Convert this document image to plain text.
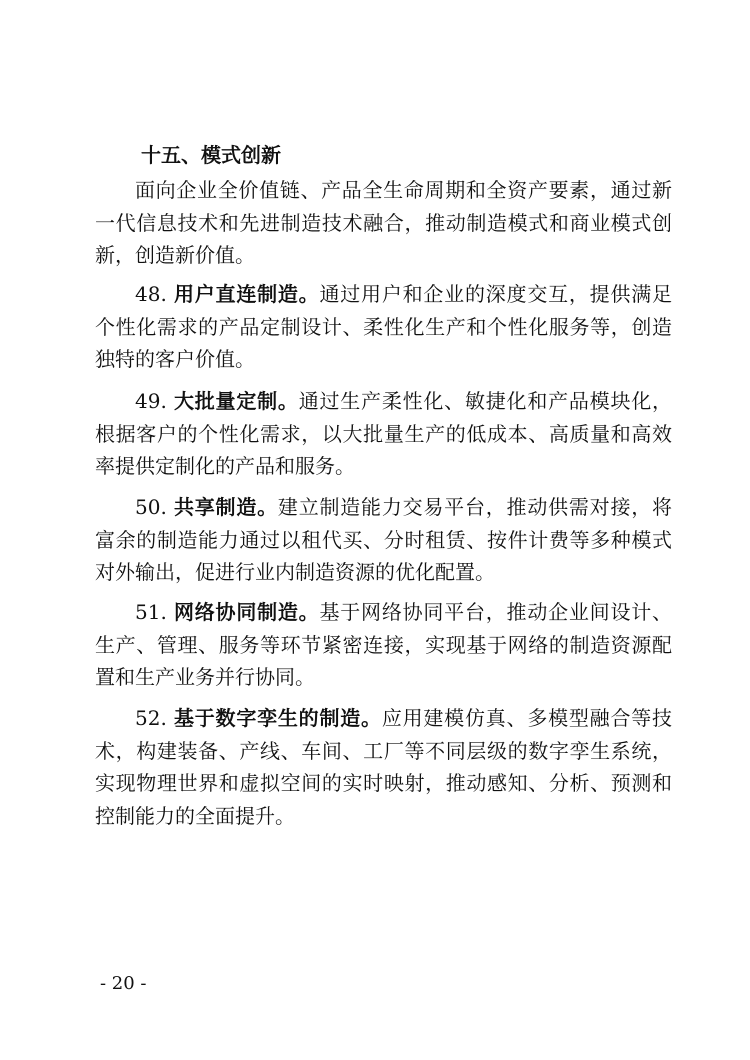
十五、模式创新

面向企业全价值链、产品全生命周期和全资产要素，通过新一代信息技术和先进制造技术融合，推动制造模式和商业模式创新，创造新价值。

48. 用户直连制造。通过用户和企业的深度交互，提供满足个性化需求的产品定制设计、柔性化生产和个性化服务等，创造独特的客户价值。

49. 大批量定制。通过生产柔性化、敏捷化和产品模块化，根据客户的个性化需求，以大批量生产的低成本、高质量和高效率提供定制化的产品和服务。

50. 共享制造。建立制造能力交易平台，推动供需对接，将富余的制造能力通过以租代买、分时租赁、按件计费等多种模式对外输出，促进行业内制造资源的优化配置。

51. 网络协同制造。基于网络协同平台，推动企业间设计、生产、管理、服务等环节紧密连接，实现基于网络的制造资源配置和生产业务并行协同。

52. 基于数字孪生的制造。应用建模仿真、多模型融合等技术，构建装备、产线、车间、工厂等不同层级的数字孪生系统，实现物理世界和虚拟空间的实时映射，推动感知、分析、预测和控制能力的全面提升。

- 20 -
